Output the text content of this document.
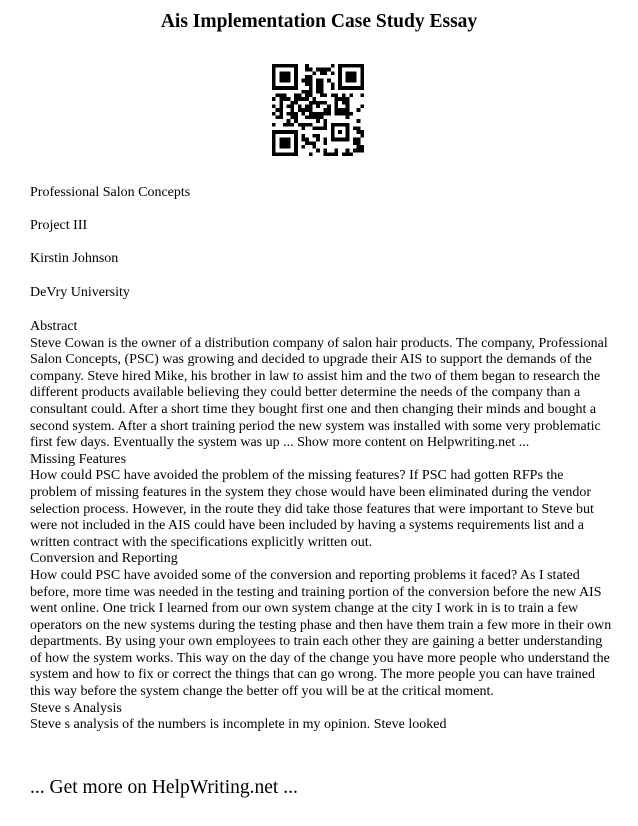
Ais Implementation Case Study Essay
Professional Salon Concepts
Project III
Kirstin Johnson
DeVry University

Abstract

Steve Cowan is the owner of a distribution company of salon hair products. The company, Professional Salon Concepts, (PSC) was growing and decided to upgrade their AIS to support the demands of the company. Steve hired Mike, his brother in law to assist him and the two of them began to research the different products available believing they could better determine the needs of the company than a consultant could. After a short time they bought first one and then changing their minds and bought a second system. After a short training period the new system was installed with some very problematic first few days. Eventually the system was up ... Show more content on Helpwriting.net ...

Missing Features

How could PSC have avoided the problem of the missing features? If PSC had gotten RFPs the problem of missing features in the system they chose would have been eliminated during the vendor selection process. However, in the route they did take those features that were important to Steve but were not included in the AIS could have been included by having a systems requirements list and a written contract with the specifications explicitly written out.

Conversion and Reporting

How could PSC have avoided some of the conversion and reporting problems it faced? As I stated before, more time was needed in the testing and training portion of the conversion before the new AIS went online. One trick I learned from our own system change at the city I work in is to train a few operators on the new systems during the testing phase and then have them train a few more in their own departments. By using your own employees to train each other they are gaining a better understanding of how the system works. This way on the day of the change you have more people who understand the system and how to fix or correct the things that can go wrong. The more people you can have trained this way before the system change the better off you will be at the critical moment.

Steve s Analysis

Steve s analysis of the numbers is incomplete in my opinion. Steve looked

... Get more on HelpWriting.net ...
